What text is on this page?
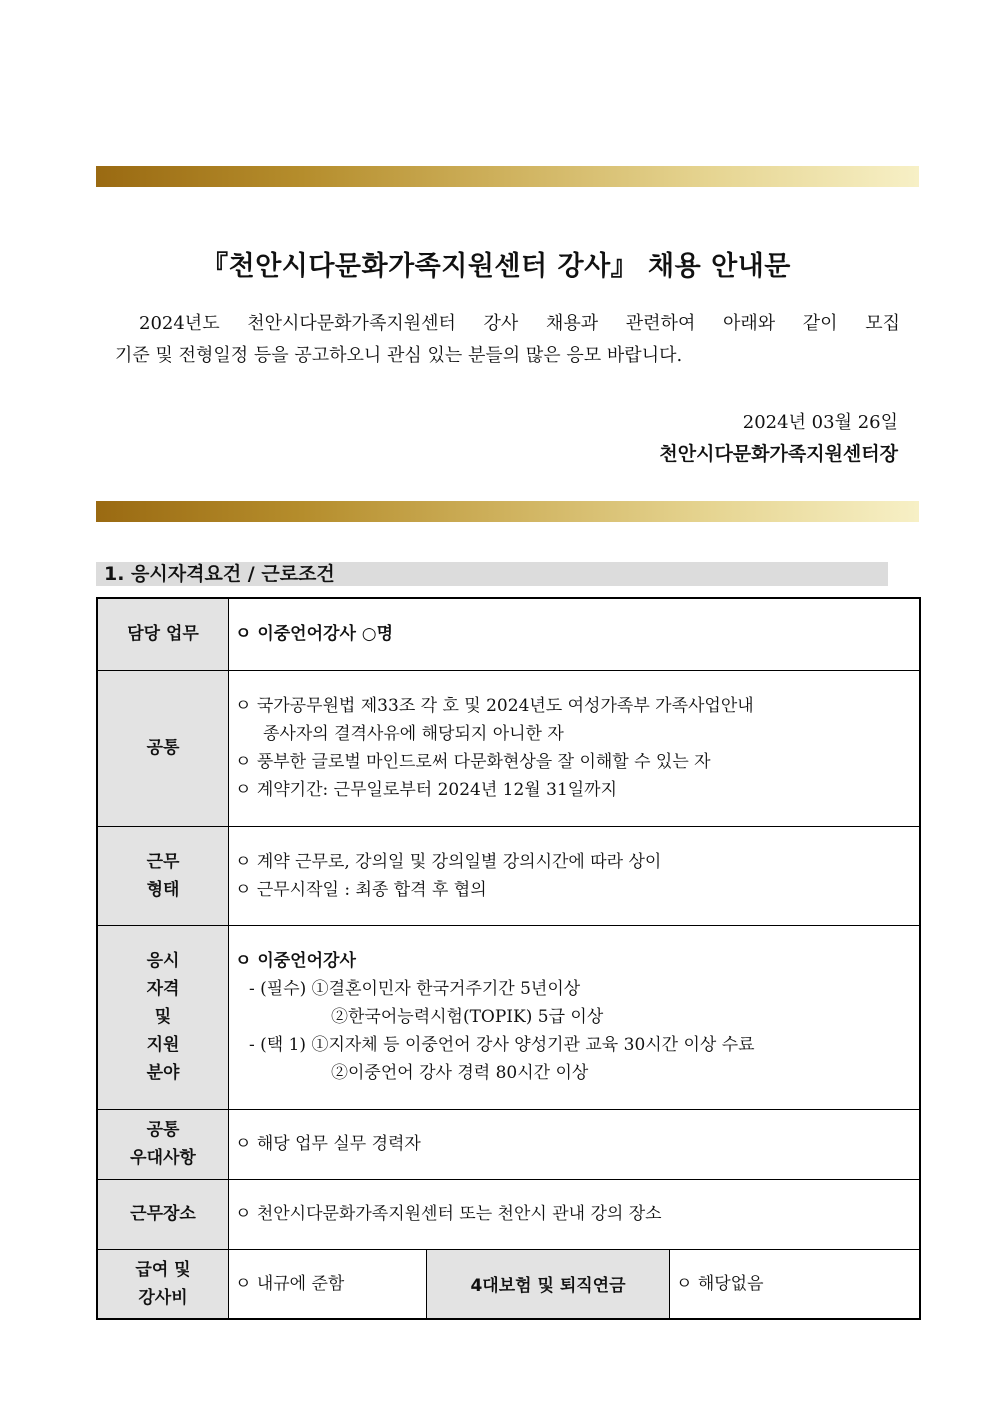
『천안시다문화가족지원센터 강사』 채용 안내문
2024년도 천안시다문화가족지원센터 강사 채용과 관련하여 아래와 같이 모집
기준 및 전형일정 등을 공고하오니 관심 있는 분들의 많은 응모 바랍니다.
2024년 03월 26일
천안시다문화가족지원센터장
1. 응시자격요건 / 근로조건
담당 업무	ㅇ 이중언어강사 ○명		
공통	ㅇ 국가공무원법 제33조 각 호 및 2024년도 여성가족부 가족사업안내
종사자의 결격사유에 해당되지 아니한 자
ㅇ 풍부한 글로벌 마인드로써 다문화현상을 잘 이해할 수 있는 자
ㅇ 계약기간: 근무일로부터 2024년 12월 31일까지		

근무
형태	ㅇ 계약 근무로, 강의일 및 강의일별 강의시간에 따라 상이
ㅇ 근무시작일 : 최종 합격 후 협의		

응시
자격
및
지원
분야	ㅇ 이중언어강사
- (필수) ①결혼이민자 한국거주기간 5년이상
②한국어능력시험(TOPIK) 5급 이상
- (택 1) ①지자체 등 이중언어 강사 양성기관 교육 30시간 이상 수료
②이중언어 강사 경력 80시간 이상		

공통
우대사항	ㅇ 해당 업무 실무 경력자		
근무장소	ㅇ 천안시다문화가족지원센터 또는 천안시 관내 강의 장소		

급여 및
강사비	ㅇ 내규에 준함	4대보험 및 퇴직연금	ㅇ 해당없음
